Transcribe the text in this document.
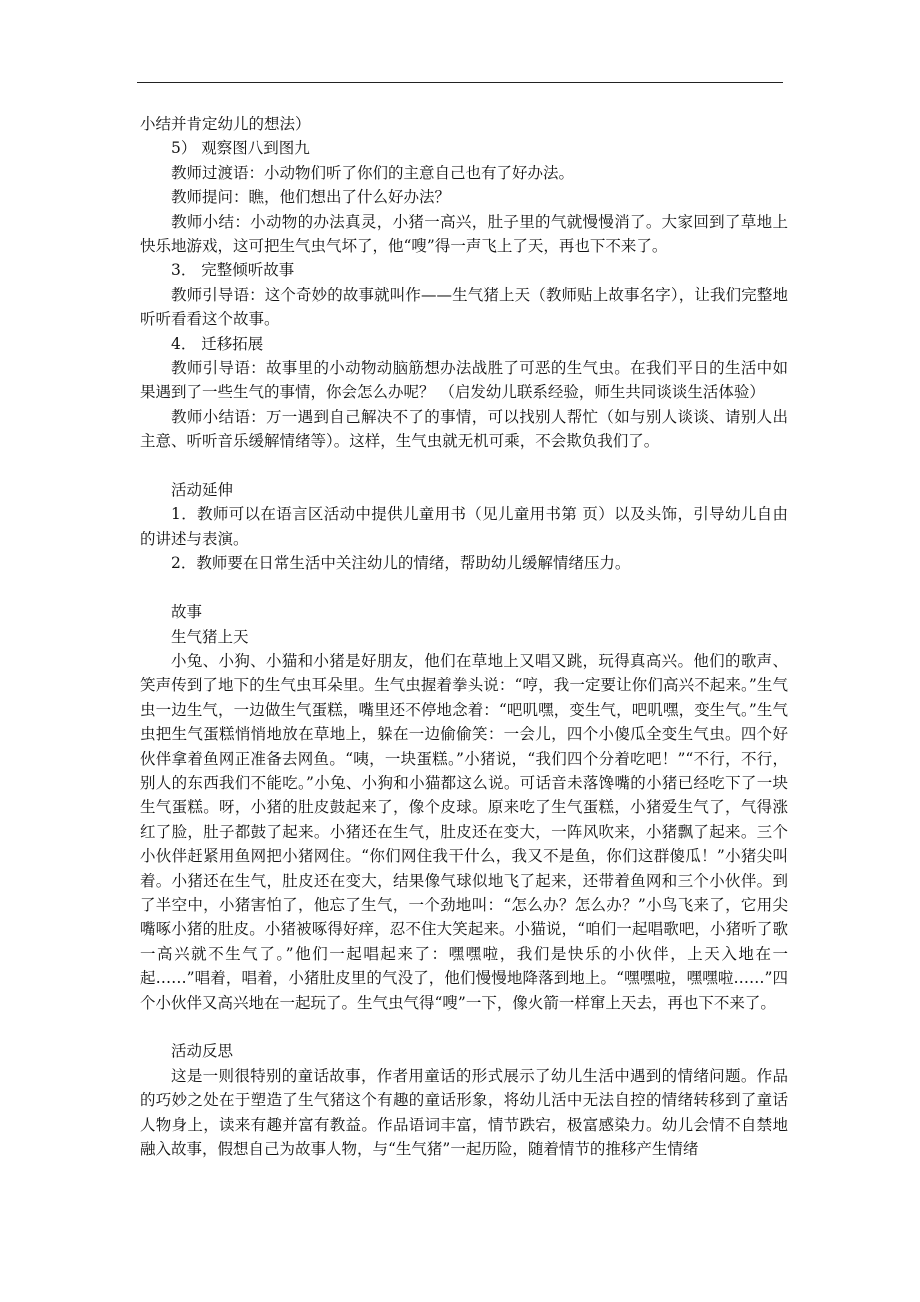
小结并肯定幼儿的想法）

5） 观察图八到图九

教师过渡语：小动物们听了你们的主意自己也有了好办法。

教师提问：瞧，他们想出了什么好办法？

教师小结：小动物的办法真灵，小猪一高兴，肚子里的气就慢慢消了。大家回到了草地上快乐地游戏，这可把生气虫气坏了，他“嗖”得一声飞上了天，再也下不来了。

3． 完整倾听故事

教师引导语：这个奇妙的故事就叫作——生气猪上天（教师贴上故事名字），让我们完整地听听看看这个故事。

4． 迁移拓展

教师引导语：故事里的小动物动脑筋想办法战胜了可恶的生气虫。在我们平日的生活中如果遇到了一些生气的事情，你会怎么办呢？ （启发幼儿联系经验，师生共同谈谈生活体验）

教师小结语：万一遇到自己解决不了的事情，可以找别人帮忙（如与别人谈谈、请别人出主意、听听音乐缓解情绪等）。这样，生气虫就无机可乘，不会欺负我们了。

活动延伸

1．教师可以在语言区活动中提供儿童用书（见儿童用书第 页）以及头饰，引导幼儿自由的讲述与表演。

2．教师要在日常生活中关注幼儿的情绪，帮助幼儿缓解情绪压力。

故事

生气猪上天

小兔、小狗、小猫和小猪是好朋友，他们在草地上又唱又跳，玩得真高兴。他们的歌声、笑声传到了地下的生气虫耳朵里。生气虫握着拳头说：“哼，我一定要让你们高兴不起来。”生气虫一边生气，一边做生气蛋糕，嘴里还不停地念着：“吧叽嘿，变生气，吧叽嘿，变生气。”生气虫把生气蛋糕悄悄地放在草地上，躲在一边偷偷笑：一会儿，四个小傻瓜全变生气虫。四个好伙伴拿着鱼网正准备去网鱼。“咦，一块蛋糕。”小猪说，“我们四个分着吃吧！”“不行，不行，别人的东西我们不能吃。”小兔、小狗和小猫都这么说。可话音未落馋嘴的小猪已经吃下了一块生气蛋糕。呀，小猪的肚皮鼓起来了，像个皮球。原来吃了生气蛋糕，小猪爱生气了，气得涨红了脸，肚子都鼓了起来。小猪还在生气，肚皮还在变大，一阵风吹来，小猪飘了起来。三个小伙伴赶紧用鱼网把小猪网住。“你们网住我干什么，我又不是鱼，你们这群傻瓜！”小猪尖叫着。小猪还在生气，肚皮还在变大，结果像气球似地飞了起来，还带着鱼网和三个小伙伴。到了半空中，小猪害怕了，他忘了生气，一个劲地叫：“怎么办？怎么办？”小鸟飞来了，它用尖嘴啄小猪的肚皮。小猪被啄得好痒，忍不住大笑起来。小猫说，“咱们一起唱歌吧，小猪听了歌一高兴就不生气了。”他们一起唱起来了：嘿嘿啦，我们是快乐的小伙伴，上天入地在一起……”唱着，唱着，小猪肚皮里的气没了，他们慢慢地降落到地上。“嘿嘿啦，嘿嘿啦……”四个小伙伴又高兴地在一起玩了。生气虫气得“嗖”一下，像火箭一样窜上天去，再也下不来了。

活动反思

这是一则很特别的童话故事，作者用童话的形式展示了幼儿生活中遇到的情绪问题。作品的巧妙之处在于塑造了生气猪这个有趣的童话形象，将幼儿活中无法自控的情绪转移到了童话人物身上，读来有趣并富有教益。作品语词丰富，情节跌宕，极富感染力。幼儿会情不自禁地融入故事，假想自己为故事人物，与“生气猪”一起历险，随着情节的推移产生情绪
